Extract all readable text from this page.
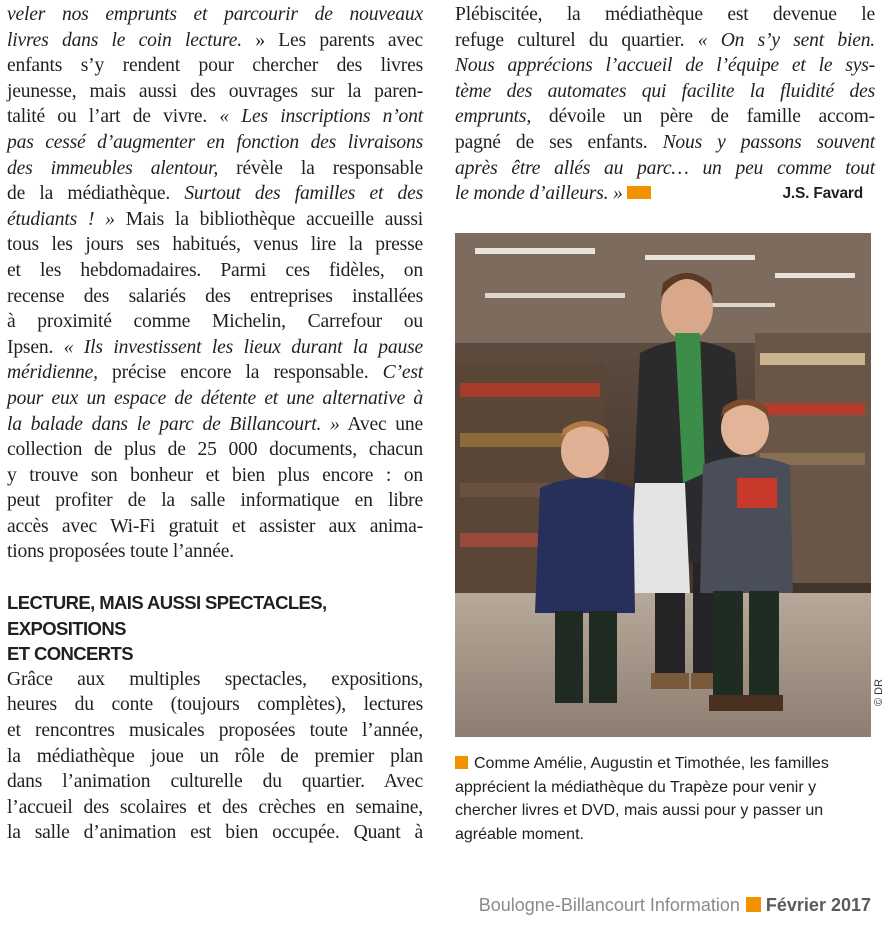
veler nos emprunts et parcourir de nouveaux

livres dans le coin lecture. » Les parents avec

enfants s’y rendent pour chercher des livres

jeunesse, mais aussi des ouvrages sur la paren-

talité ou l’art de vivre. « Les inscriptions n’ont

pas cessé d’augmenter en fonction des livraisons

des immeubles alentour, révèle la responsable

de la médiathèque. Surtout des familles et des

étudiants ! » Mais la bibliothèque accueille aussi

tous les jours ses habitués, venus lire la presse

et les hebdomadaires. Parmi ces fidèles, on

recense des salariés des entreprises installées

à proximité comme Michelin, Carrefour ou

Ipsen. « Ils investissent les lieux durant la pause

méridienne, précise encore la responsable. C’est

pour eux un espace de détente et une alternative à

la balade dans le parc de Billancourt. » Avec une

collection de plus de 25 000 documents, chacun

y trouve son bonheur et bien plus encore : on

peut profiter de la salle informatique en libre

accès avec Wi-Fi gratuit et assister aux anima-

tions proposées toute l’année.

LECTURE, MAIS AUSSI SPECTACLES, EXPOSITIONS

ET CONCERTS

Grâce aux multiples spectacles, expositions,

heures du conte (toujours complètes), lectures

et rencontres musicales proposées toute l’année,

la médiathèque joue un rôle de premier plan

dans l’animation culturelle du quartier. Avec

l’accueil des scolaires et des crèches en semaine,

la salle d’animation est bien occupée. Quant à

Plébiscitée, la médiathèque est devenue le

refuge culturel du quartier. « On s’y sent bien.

Nous apprécions l’accueil de l’équipe et le sys-

tème des automates qui facilite la fluidité des

emprunts, dévoile un père de famille accom-

pagné de ses enfants. Nous y passons souvent

après être allés au parc… un peu comme tout

le monde d’ailleurs. »	J.S. Favard

© DR
Comme Amélie, Augustin et Timothée, les familles apprécient la médiathèque du Trapèze pour venir y chercher livres et DVD, mais aussi pour y passer un agréable moment.
Boulogne-Billancourt Information Février 2017
